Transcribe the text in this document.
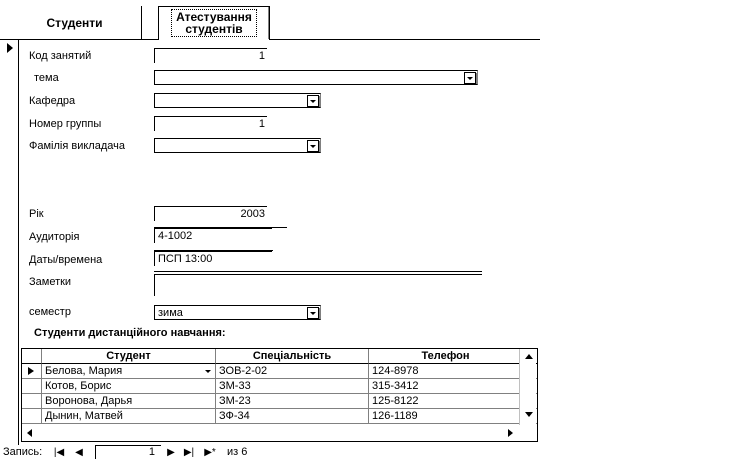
Студенти	Атестування
студентів
Код занятий	1
тема
Кафедра
Номер группы	1
Фамілія викладача
Рік	2003
Аудиторія	4-1002
Даты/времена	ПСП 13:00
Заметки
семестр	зима
Студенти дистанційного навчання:
Студент	Спеціальність	Телефон
Белова, Мария	ЗОВ-2-02	124-8978
Котов, Борис	ЗМ-33	315-3412
Воронова, Дарья	ЗМ-23	125-8122
Дынин, Матвей	ЗФ-34	126-1189
Запись: |◀	◀	1	▶ ▶|	▶* из 6
